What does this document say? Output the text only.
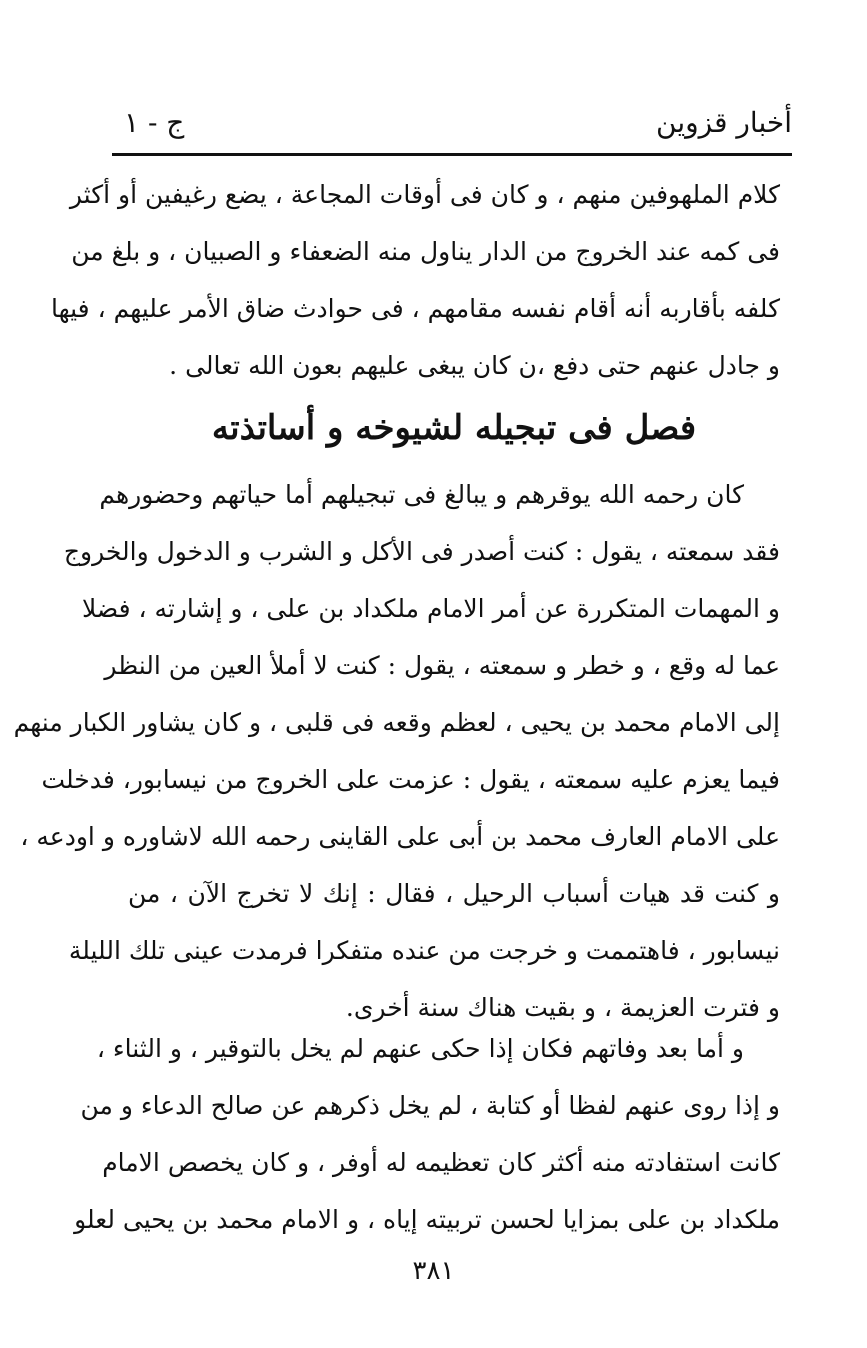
أخبار قزوين
ج - ١
كلام الملهوفين منهم ، و كان فى أوقات المجاعة ، يضع رغيفين أو أكثر
فى كمه عند الخروج من الدار يناول منه الضعفاء و الصبيان ، و بلغ من
كلفه بأقاربه أنه أقام نفسه مقامهم ، فى حوادث ضاق الأمر عليهم ، فيها
و جادل عنهم حتى دفع ،ن كان يبغى عليهم بعون الله تعالى .
فصل فى تبجيله لشيوخه و أساتذته
كان رحمه الله يوقرهم و يبالغ فى تبجيلهم أما حياتهم وحضورهم
فقد سمعته ، يقول : كنت أصدر فى الأكل و الشرب و الدخول والخروج
و المهمات المتكررة عن أمر الامام ملكداد بن على ، و إشارته ، فضلا
عما له وقع ، و خطر و سمعته ، يقول : كنت لا أملأ العين من النظر
إلى الامام محمد بن يحيى ، لعظم وقعه فى قلبى ، و كان يشاور الكبار منهم
فيما يعزم عليه سمعته ، يقول : عزمت على الخروج من نيسابور، فدخلت
على الامام العارف محمد بن أبى على القاينى رحمه الله لاشاوره و اودعه ،
و كنت قد هيات أسباب الرحيل ، فقال : إنك لا تخرج الآن ، من
نيسابور ، فاهتممت و خرجت من عنده متفكرا فرمدت عينى تلك الليلة
و فترت العزيمة ، و بقيت هناك سنة أخرى.
و أما بعد وفاتهم فكان إذا حكى عنهم لم يخل بالتوقير ، و الثناء ،
و إذا روى عنهم لفظا أو كتابة ، لم يخل ذكرهم عن صالح الدعاء و من
كانت استفادته منه أكثر كان تعظيمه له أوفر ، و كان يخصص الامام
ملكداد بن على بمزايا لحسن تربيته إياه ، و الامام محمد بن يحيى لعلو
٣٨١
